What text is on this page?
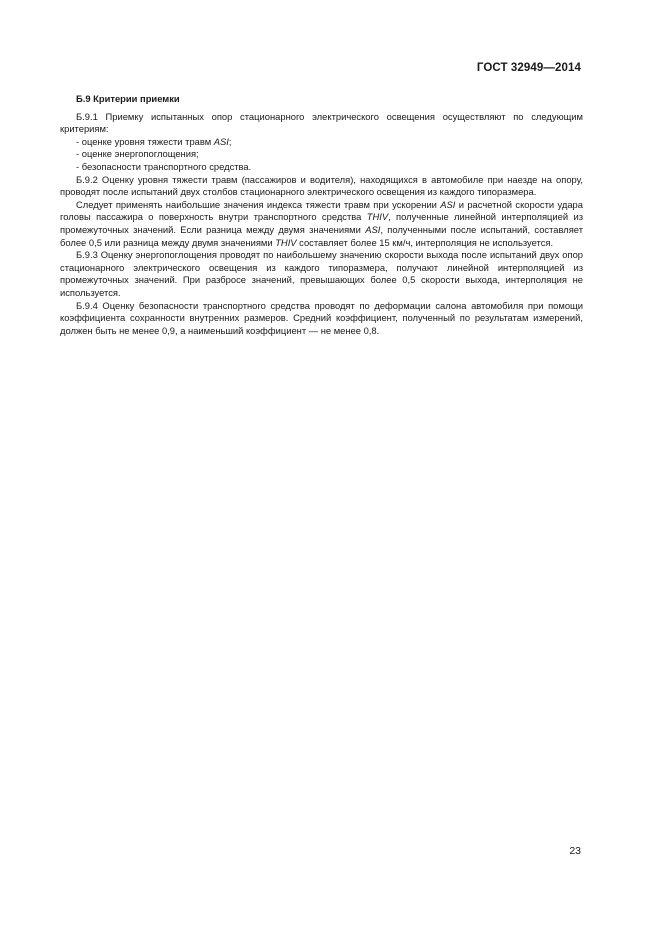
ГОСТ 32949—2014

Б.9 Критерии приемки

Б.9.1 Приемку испытанных опор стационарного электрического освещения осуществляют по следующим критериям:

- оценке уровня тяжести травм ASI;

- оценке энергопоглощения;

- безопасности транспортного средства.

Б.9.2 Оценку уровня тяжести травм (пассажиров и водителя), находящихся в автомобиле при наезде на опору, проводят после испытаний двух столбов стационарного электрического освещения из каждого типоразмера.

Следует применять наибольшие значения индекса тяжести травм при ускорении ASI и расчетной скорости удара головы пассажира о поверхность внутри транспортного средства THIV, полученные линейной интерполяцией из промежуточных значений. Если разница между двумя значениями ASI, полученными после испытаний, составляет более 0,5 или разница между двумя значениями THIV составляет более 15 км/ч, интерполяция не используется.

Б.9.3 Оценку энергопоглощения проводят по наибольшему значению скорости выхода после испытаний двух опор стационарного электрического освещения из каждого типоразмера, получают линейной интерполяцией из промежуточных значений. При разбросе значений, превышающих более 0,5 скорости выхода, интерполяция не используется.

Б.9.4 Оценку безопасности транспортного средства проводят по деформации салона автомобиля при помощи коэффициента сохранности внутренних размеров. Средний коэффициент, полученный по результатам измерений, должен быть не менее 0,9, а наименьший коэффициент — не менее 0,8.

23
